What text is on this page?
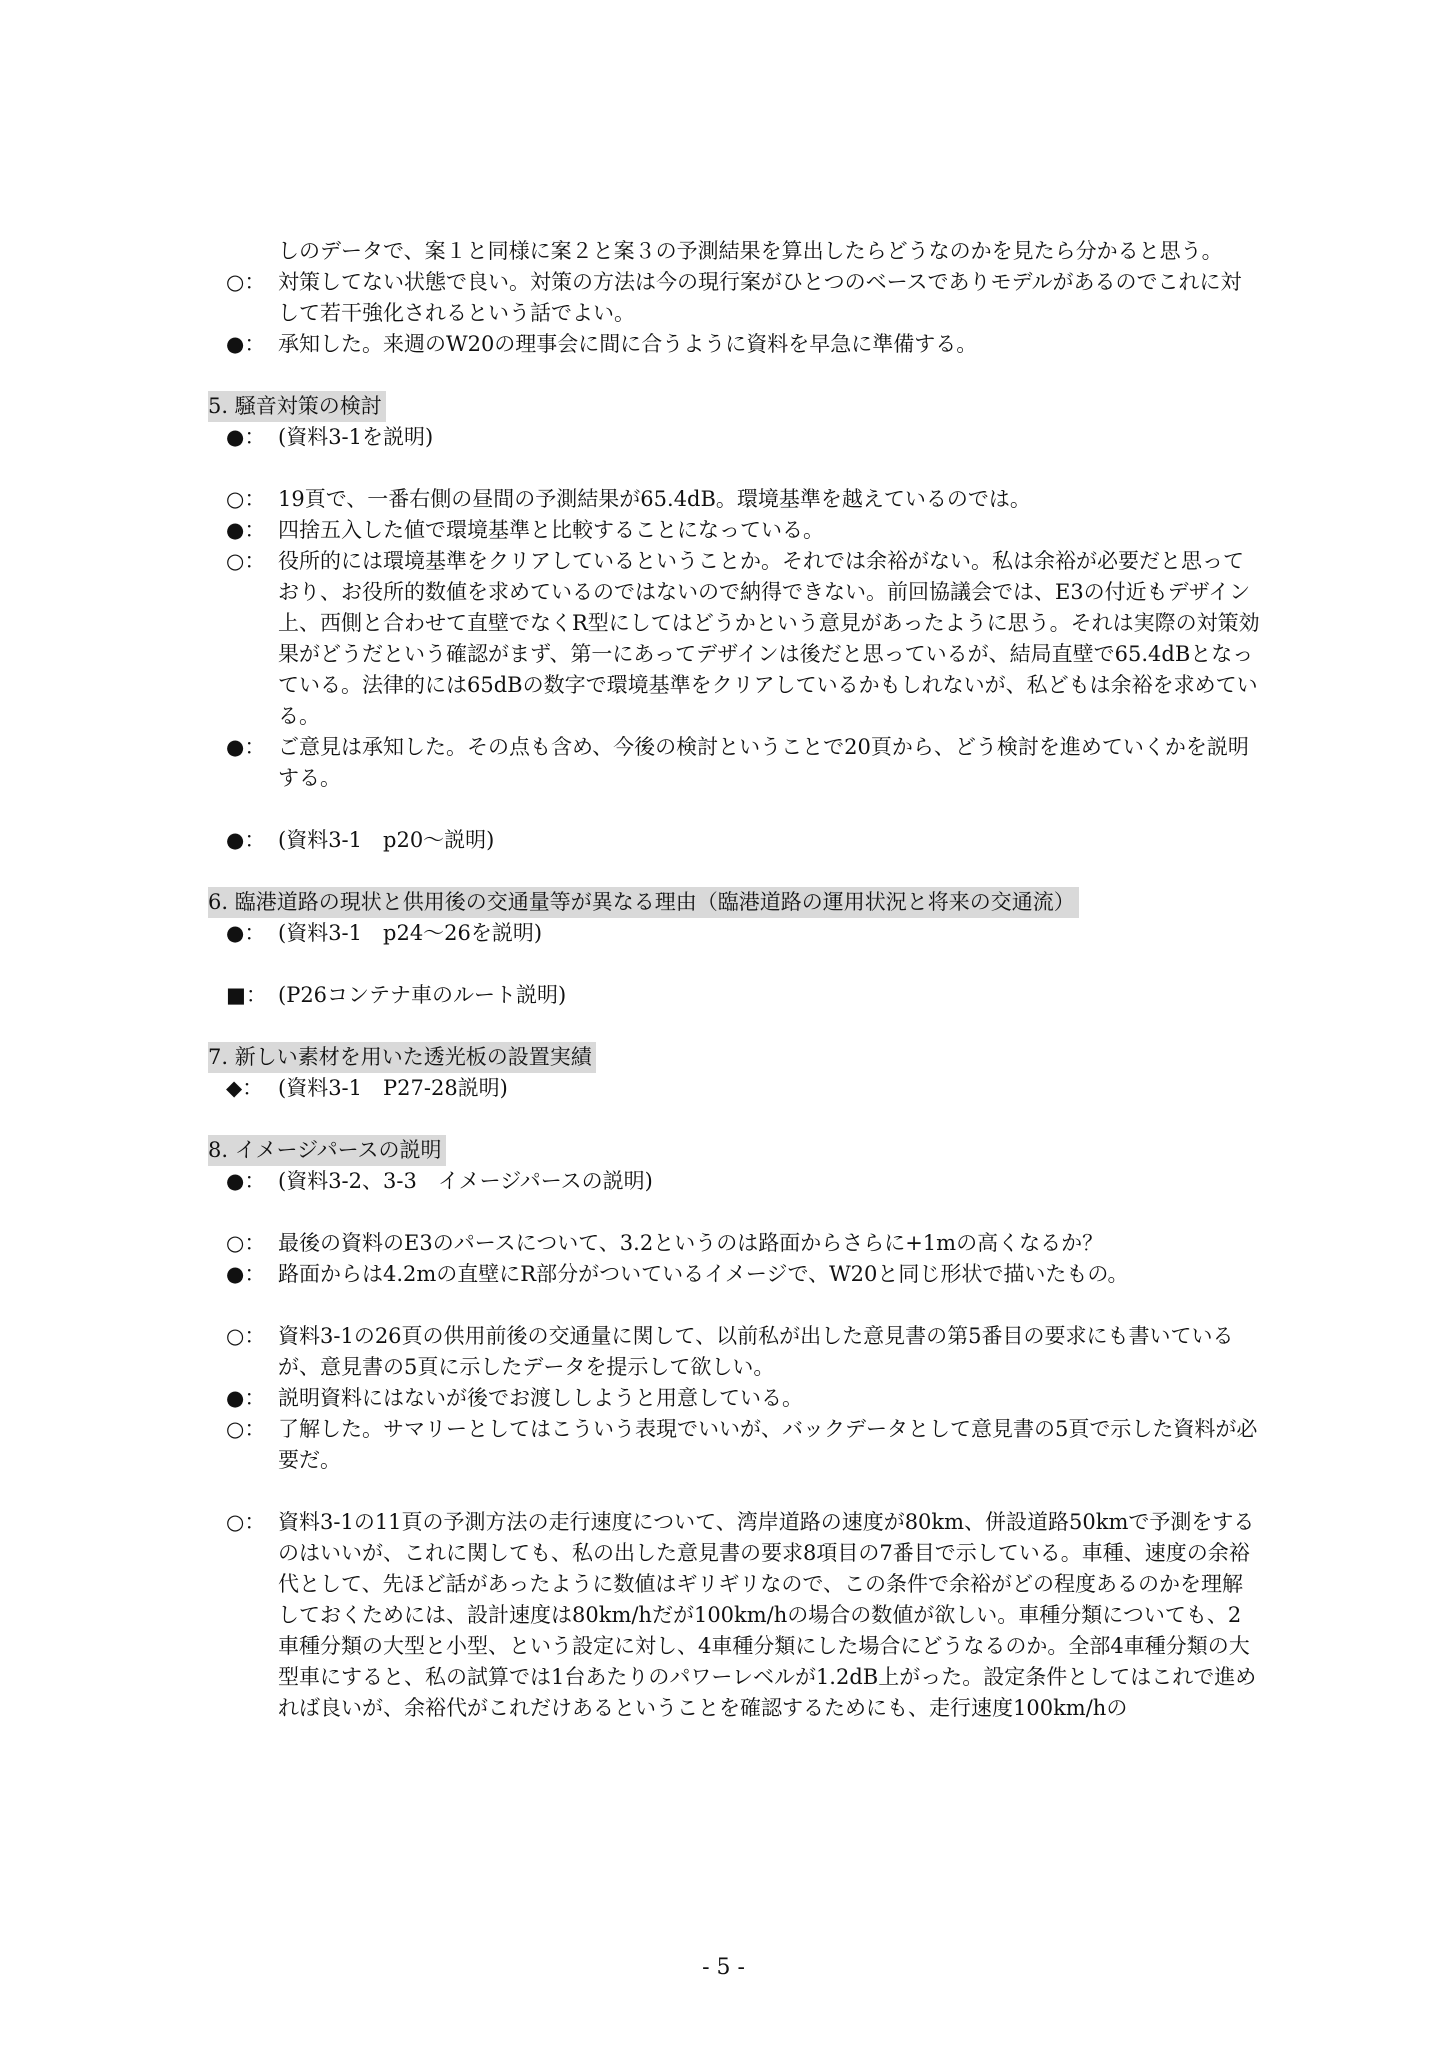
しのデータで、案１と同様に案２と案３の予測結果を算出したらどうなのかを見たら分かると思う。
○： 対策してない状態で良い。対策の方法は今の現行案がひとつのベースでありモデルがあるのでこれに対して若干強化されるという話でよい。
●： 承知した。来週のW20の理事会に間に合うように資料を早急に準備する。
5. 騒音対策の検討
●： (資料3-1を説明)
○： 19頁で、一番右側の昼間の予測結果が65.4dB。環境基準を越えているのでは。
●： 四捨五入した値で環境基準と比較することになっている。
○： 役所的には環境基準をクリアしているということか。それでは余裕がない。私は余裕が必要だと思っており、お役所的数値を求めているのではないので納得できない。前回協議会では、E3の付近もデザイン上、西側と合わせて直壁でなくR型にしてはどうかという意見があったように思う。それは実際の対策効果がどうだという確認がまず、第一にあってデザインは後だと思っているが、結局直壁で65.4dBとなっている。法律的には65dBの数字で環境基準をクリアしているかもしれないが、私どもは余裕を求めている。
●： ご意見は承知した。その点も含め、今後の検討ということで20頁から、どう検討を進めていくかを説明する。
●： (資料3-1　p20〜説明)
6. 臨港道路の現状と供用後の交通量等が異なる理由（臨港道路の運用状況と将来の交通流）
●： (資料3-1　p24〜26を説明)
■： (P26コンテナ車のルート説明)
7. 新しい素材を用いた透光板の設置実績
◆： (資料3-1　P27-28説明)
8. イメージパースの説明
●： (資料3-2、3-3　イメージパースの説明)
○： 最後の資料のE3のパースについて、3.2というのは路面からさらに+1mの高くなるか？
●： 路面からは4.2mの直壁にR部分がついているイメージで、W20と同じ形状で描いたもの。
○： 資料3-1の26頁の供用前後の交通量に関して、以前私が出した意見書の第5番目の要求にも書いているが、意見書の5頁に示したデータを提示して欲しい。
●： 説明資料にはないが後でお渡ししようと用意している。
○： 了解した。サマリーとしてはこういう表現でいいが、バックデータとして意見書の5頁で示した資料が必要だ。
○： 資料3-1の11頁の予測方法の走行速度について、湾岸道路の速度が80km、併設道路50kmで予測をするのはいいが、これに関しても、私の出した意見書の要求8項目の7番目で示している。車種、速度の余裕代として、先ほど話があったように数値はギリギリなので、この条件で余裕がどの程度あるのかを理解しておくためには、設計速度は80km/hだが100km/hの場合の数値が欲しい。車種分類についても、2車種分類の大型と小型、という設定に対し、4車種分類にした場合にどうなるのか。全部4車種分類の大型車にすると、私の試算では1台あたりのパワーレベルが1.2dB上がった。設定条件としてはこれで進めれば良いが、余裕代がこれだけあるということを確認するためにも、走行速度100km/hの
- 5 -
